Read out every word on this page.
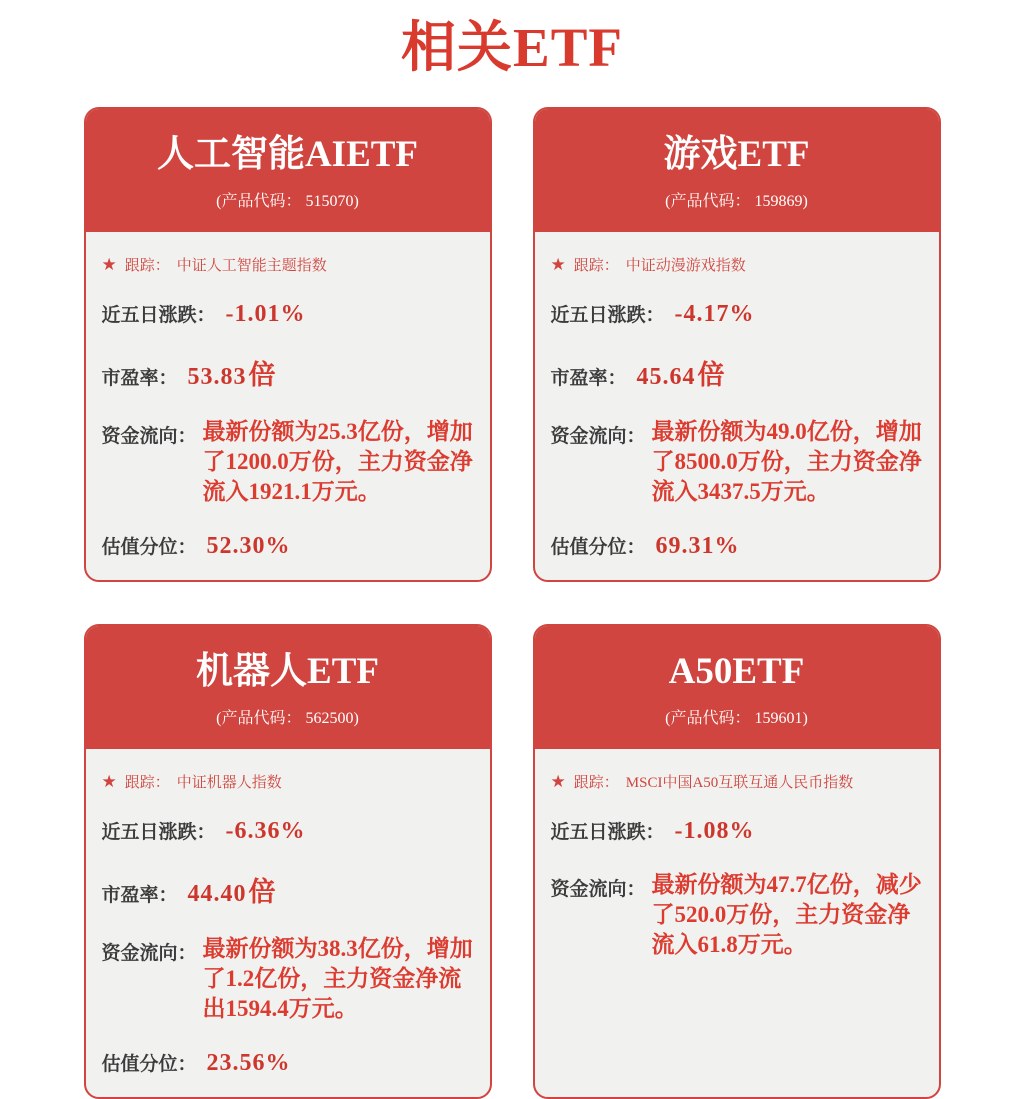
相关ETF
人工智能AIETF
(产品代码： 515070)
★ 跟踪： 中证人工智能主题指数
近五日涨跌： -1.01%
市盈率： 53.83 倍
资金流向： 最新份额为25.3亿份，增加了1200.0万份，主力资金净流入1921.1万元。
估值分位： 52.30%
游戏ETF
(产品代码： 159869)
★ 跟踪： 中证动漫游戏指数
近五日涨跌： -4.17%
市盈率： 45.64 倍
资金流向： 最新份额为49.0亿份，增加了8500.0万份，主力资金净流入3437.5万元。
估值分位： 69.31%
机器人ETF
(产品代码： 562500)
★ 跟踪： 中证机器人指数
近五日涨跌： -6.36%
市盈率： 44.40 倍
资金流向： 最新份额为38.3亿份，增加了1.2亿份，主力资金净流出1594.4万元。
估值分位： 23.56%
A50ETF
(产品代码： 159601)
★ 跟踪： MSCI中国A50互联互通人民币指数
近五日涨跌： -1.08%
资金流向： 最新份额为47.7亿份，减少了520.0万份，主力资金净流入61.8万元。
